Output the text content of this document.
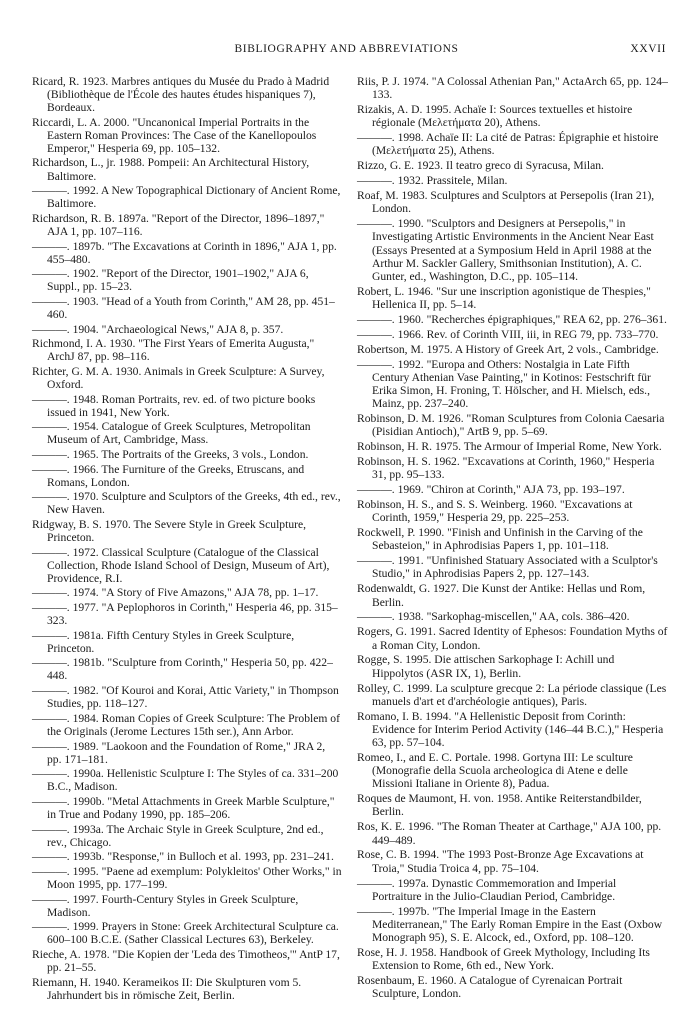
BIBLIOGRAPHY AND ABBREVIATIONS	XXVII

Ricard, R. 1923. Marbres antiques du Musée du Prado à Madrid (Bibliothèque de l'École des hautes études hispaniques 7), Bordeaux.

Riccardi, L. A. 2000. "Uncanonical Imperial Portraits in the Eastern Roman Provinces: The Case of the Kanellopoulos Emperor," Hesperia 69, pp. 105–132.

Richardson, L., jr. 1988. Pompeii: An Architectural History, Baltimore.

———. 1992. A New Topographical Dictionary of Ancient Rome, Baltimore.

Richardson, R. B. 1897a. "Report of the Director, 1896–1897," AJA 1, pp. 107–116.

———. 1897b. "The Excavations at Corinth in 1896," AJA 1, pp. 455–480.

———. 1902. "Report of the Director, 1901–1902," AJA 6, Suppl., pp. 15–23.

———. 1903. "Head of a Youth from Corinth," AM 28, pp. 451–460.

———. 1904. "Archaeological News," AJA 8, p. 357.

Richmond, I. A. 1930. "The First Years of Emerita Augusta," ArchJ 87, pp. 98–116.

Richter, G. M. A. 1930. Animals in Greek Sculpture: A Survey, Oxford.

———. 1948. Roman Portraits, rev. ed. of two picture books issued in 1941, New York.

———. 1954. Catalogue of Greek Sculptures, Metropolitan Museum of Art, Cambridge, Mass.

———. 1965. The Portraits of the Greeks, 3 vols., London.

———. 1966. The Furniture of the Greeks, Etruscans, and Romans, London.

———. 1970. Sculpture and Sculptors of the Greeks, 4th ed., rev., New Haven.

Ridgway, B. S. 1970. The Severe Style in Greek Sculpture, Princeton.

———. 1972. Classical Sculpture (Catalogue of the Classical Collection, Rhode Island School of Design, Museum of Art), Providence, R.I.

———. 1974. "A Story of Five Amazons," AJA 78, pp. 1–17.

———. 1977. "A Peplophoros in Corinth," Hesperia 46, pp. 315–323.

———. 1981a. Fifth Century Styles in Greek Sculpture, Princeton.

———. 1981b. "Sculpture from Corinth," Hesperia 50, pp. 422–448.

———. 1982. "Of Kouroi and Korai, Attic Variety," in Thompson Studies, pp. 118–127.

———. 1984. Roman Copies of Greek Sculpture: The Problem of the Originals (Jerome Lectures 15th ser.), Ann Arbor.

———. 1989. "Laokoon and the Foundation of Rome," JRA 2, pp. 171–181.

———. 1990a. Hellenistic Sculpture I: The Styles of ca. 331–200 B.C., Madison.

———. 1990b. "Metal Attachments in Greek Marble Sculpture," in True and Podany 1990, pp. 185–206.

———. 1993a. The Archaic Style in Greek Sculpture, 2nd ed., rev., Chicago.

———. 1993b. "Response," in Bulloch et al. 1993, pp. 231–241.

———. 1995. "Paene ad exemplum: Polykleitos' Other Works," in Moon 1995, pp. 177–199.

———. 1997. Fourth-Century Styles in Greek Sculpture, Madison.

———. 1999. Prayers in Stone: Greek Architectural Sculpture ca. 600–100 B.C.E. (Sather Classical Lectures 63), Berkeley.

Rieche, A. 1978. "Die Kopien der 'Leda des Timotheos,'" AntP 17, pp. 21–55.

Riemann, H. 1940. Kerameikos II: Die Skulpturen vom 5. Jahrhundert bis in römische Zeit, Berlin.

Riis, P. J. 1974. "A Colossal Athenian Pan," ActaArch 65, pp. 124–133.

Rizakis, A. D. 1995. Achaïe I: Sources textuelles et histoire régionale (Μελετήματα 20), Athens.

———. 1998. Achaïe II: La cité de Patras: Épigraphie et histoire (Μελετήματα 25), Athens.

Rizzo, G. E. 1923. Il teatro greco di Syracusa, Milan.

———. 1932. Prassitele, Milan.

Roaf, M. 1983. Sculptures and Sculptors at Persepolis (Iran 21), London.

———. 1990. "Sculptors and Designers at Persepolis," in Investigating Artistic Environments in the Ancient Near East (Essays Presented at a Symposium Held in April 1988 at the Arthur M. Sackler Gallery, Smithsonian Institution), A. C. Gunter, ed., Washington, D.C., pp. 105–114.

Robert, L. 1946. "Sur une inscription agonistique de Thespies," Hellenica II, pp. 5–14.

———. 1960. "Recherches épigraphiques," REA 62, pp. 276–361.

———. 1966. Rev. of Corinth VIII, iii, in REG 79, pp. 733–770.

Robertson, M. 1975. A History of Greek Art, 2 vols., Cambridge.

———. 1992. "Europa and Others: Nostalgia in Late Fifth Century Athenian Vase Painting," in Kotinos: Festschrift für Erika Simon, H. Froning, T. Hölscher, and H. Mielsch, eds., Mainz, pp. 237–240.

Robinson, D. M. 1926. "Roman Sculptures from Colonia Caesaria (Pisidian Antioch)," ArtB 9, pp. 5–69.

Robinson, H. R. 1975. The Armour of Imperial Rome, New York.

Robinson, H. S. 1962. "Excavations at Corinth, 1960," Hesperia 31, pp. 95–133.

———. 1969. "Chiron at Corinth," AJA 73, pp. 193–197.

Robinson, H. S., and S. S. Weinberg. 1960. "Excavations at Corinth, 1959," Hesperia 29, pp. 225–253.

Rockwell, P. 1990. "Finish and Unfinish in the Carving of the Sebasteion," in Aphrodisias Papers 1, pp. 101–118.

———. 1991. "Unfinished Statuary Associated with a Sculptor's Studio," in Aphrodisias Papers 2, pp. 127–143.

Rodenwaldt, G. 1927. Die Kunst der Antike: Hellas und Rom, Berlin.

———. 1938. "Sarkophag-miscellen," AA, cols. 386–420.

Rogers, G. 1991. Sacred Identity of Ephesos: Foundation Myths of a Roman City, London.

Rogge, S. 1995. Die attischen Sarkophage I: Achill und Hippolytos (ASR IX, 1), Berlin.

Rolley, C. 1999. La sculpture grecque 2: La période classique (Les manuels d'art et d'archéologie antiques), Paris.

Romano, I. B. 1994. "A Hellenistic Deposit from Corinth: Evidence for Interim Period Activity (146–44 B.C.)," Hesperia 63, pp. 57–104.

Romeo, I., and E. C. Portale. 1998. Gortyna III: Le sculture (Monografie della Scuola archeologica di Atene e delle Missioni Italiane in Oriente 8), Padua.

Roques de Maumont, H. von. 1958. Antike Reiterstandbilder, Berlin.

Ros, K. E. 1996. "The Roman Theater at Carthage," AJA 100, pp. 449–489.

Rose, C. B. 1994. "The 1993 Post-Bronze Age Excavations at Troia," Studia Troica 4, pp. 75–104.

———. 1997a. Dynastic Commemoration and Imperial Portraiture in the Julio-Claudian Period, Cambridge.

———. 1997b. "The Imperial Image in the Eastern Mediterranean," The Early Roman Empire in the East (Oxbow Monograph 95), S. E. Alcock, ed., Oxford, pp. 108–120.

Rose, H. J. 1958. Handbook of Greek Mythology, Including Its Extension to Rome, 6th ed., New York.

Rosenbaum, E. 1960. A Catalogue of Cyrenaican Portrait Sculpture, London.
